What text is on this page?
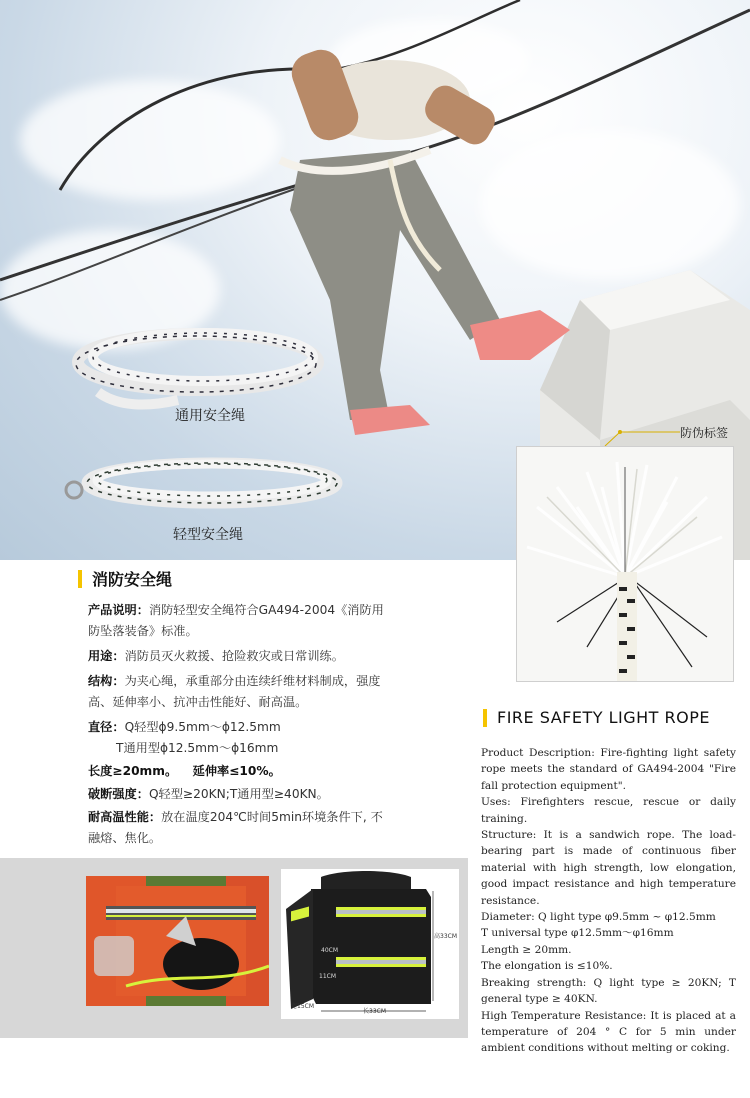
通用安全绳
轻型安全绳
防伪标签
消防安全绳

产品说明：消防轻型安全绳符合GA494-2004《消防用防坠落装备》标准。

用途：消防员灭火救援、抢险救灾或日常训练。

结构：为夹心绳，承重部分由连续纤维材料制成，强度高、延伸率小、抗冲击性能好、耐高温。

直径：Q轻型ϕ9.5mm～ϕ12.5mm

T通用型ϕ12.5mm～ϕ16mm

长度≥20mm。 延伸率≤10%。

破断强度：Q轻型≥20KN;T通用型≥40KN。

耐高温性能：放在温度204℃时间5min环境条件下, 不融熔、焦化。

FIRE SAFETY LIGHT ROPE

Product Description: Fire-fighting light safety rope meets the standard of GA494-2004 "Fire fall protection equipment".

Uses: Firefighters rescue, rescue or daily training.

Structure: It is a sandwich rope. The load-bearing part is made of continuous fiber material with high strength, low elongation, good impact resistance and high temperature resistance.

Diameter: Q light type φ9.5mm ~ φ12.5mm

T universal type φ12.5mm～φ16mm

Length ≥ 20mm.

The elongation is ≤10%.

Breaking strength: Q light type ≥ 20KN; T general type ≥ 40KN.

High Temperature Resistance: It is placed at a temperature of 204 ° C for 5 min under ambient conditions without melting or coking.

高33CM
长33CM
11CM
40CM
宽15CM
